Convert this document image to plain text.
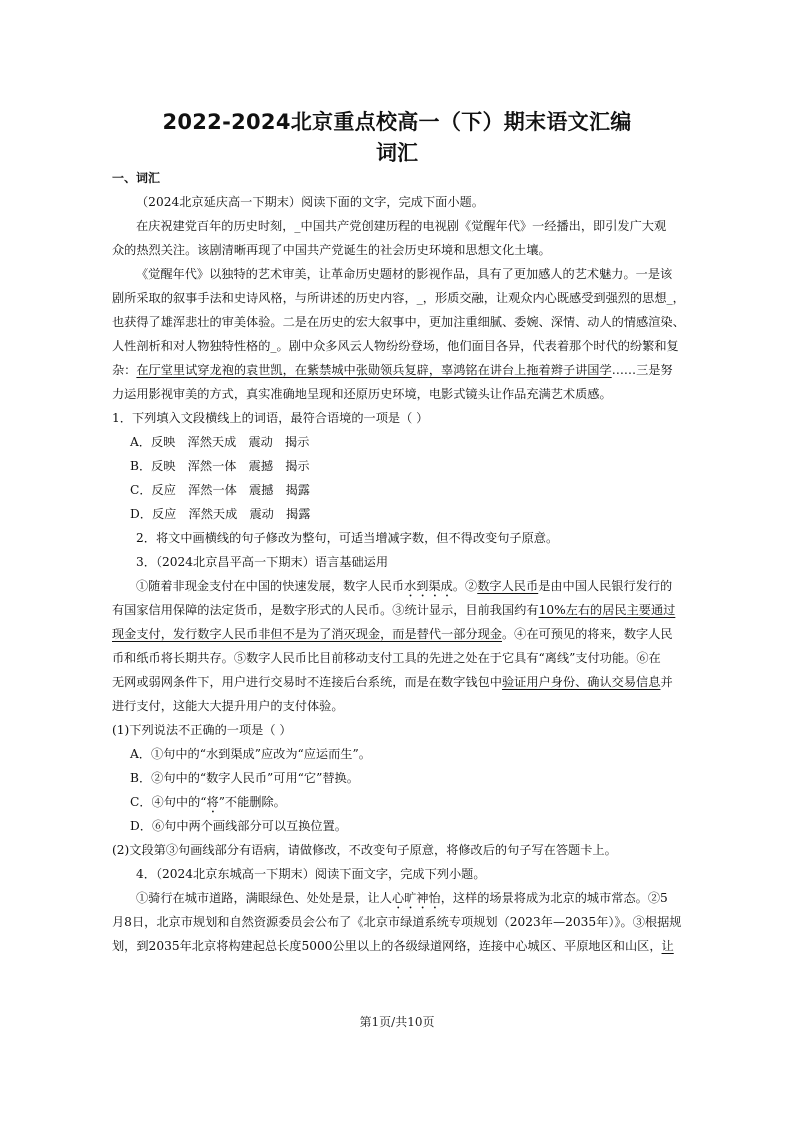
2022-2024北京重点校高一（下）期末语文汇编
词汇
一、词汇
（2024北京延庆高一下期末）阅读下面的文字，完成下面小题。
在庆祝建党百年的历史时刻，_中国共产党创建历程的电视剧《觉醒年代》一经播出，即引发广大观
众的热烈关注。该剧清晰再现了中国共产党诞生的社会历史环境和思想文化土壤。
《觉醒年代》以独特的艺术审美，让革命历史题材的影视作品，具有了更加感人的艺术魅力。一是该
剧所采取的叙事手法和史诗风格，与所讲述的历史内容，_，形质交融，让观众内心既感受到强烈的思想_，
也获得了雄浑悲壮的审美体验。二是在历史的宏大叙事中，更加注重细腻、委婉、深情、动人的情感渲染、
人性剖析和对人物独特性格的_。剧中众多风云人物纷纷登场，他们面目各异，代表着那个时代的纷繁和复
杂：在厅堂里试穿龙袍的袁世凯，在紫禁城中张勋领兵复辟，辜鸿铭在讲台上拖着辫子讲国学……三是努
力运用影视审美的方式，真实准确地呈现和还原历史环境，电影式镜头让作品充满艺术质感。
1．下列填入文段横线上的词语，最符合语境的一项是（ ）
A．反映　浑然天成　震动　揭示
B．反映　浑然一体　震撼　揭示
C．反应　浑然一体　震撼　揭露
D．反应　浑然天成　震动　揭露
2．将文中画横线的句子修改为整句，可适当增减字数，但不得改变句子原意。
3．（2024北京昌平高一下期末）语言基础运用
①随着非现金支付在中国的快速发展，数字人民币水到渠成。②数字人民币是由中国人民银行发行的
有国家信用保障的法定货币，是数字形式的人民币。③统计显示，目前我国约有10%左右的居民主要通过
现金支付，发行数字人民币非但不是为了消灭现金，而是替代一部分现金。④在可预见的将来，数字人民
币和纸币将长期共存。⑤数字人民币比目前移动支付工具的先进之处在于它具有“离线”支付功能。⑥在
无网或弱网条件下，用户进行交易时不连接后台系统，而是在数字钱包中验证用户身份、确认交易信息并
进行支付，这能大大提升用户的支付体验。
(1)下列说法不正确的一项是（ ）
A．①句中的“水到渠成”应改为“应运而生”。
B．②句中的“数字人民币”可用“它”替换。
C．④句中的“将”不能删除。
D．⑥句中两个画线部分可以互换位置。
(2)文段第③句画线部分有语病，请做修改，不改变句子原意，将修改后的句子写在答题卡上。
4．（2024北京东城高一下期末）阅读下面文字，完成下列小题。
①骑行在城市道路，满眼绿色、处处是景，让人心旷神怡，这样的场景将成为北京的城市常态。②5
月8日，北京市规划和自然资源委员会公布了《北京市绿道系统专项规划（2023年—2035年）》。③根据规
划，到2035年北京将构建起总长度5000公里以上的各级绿道网络，连接中心城区、平原地区和山区，让
第1页/共10页
